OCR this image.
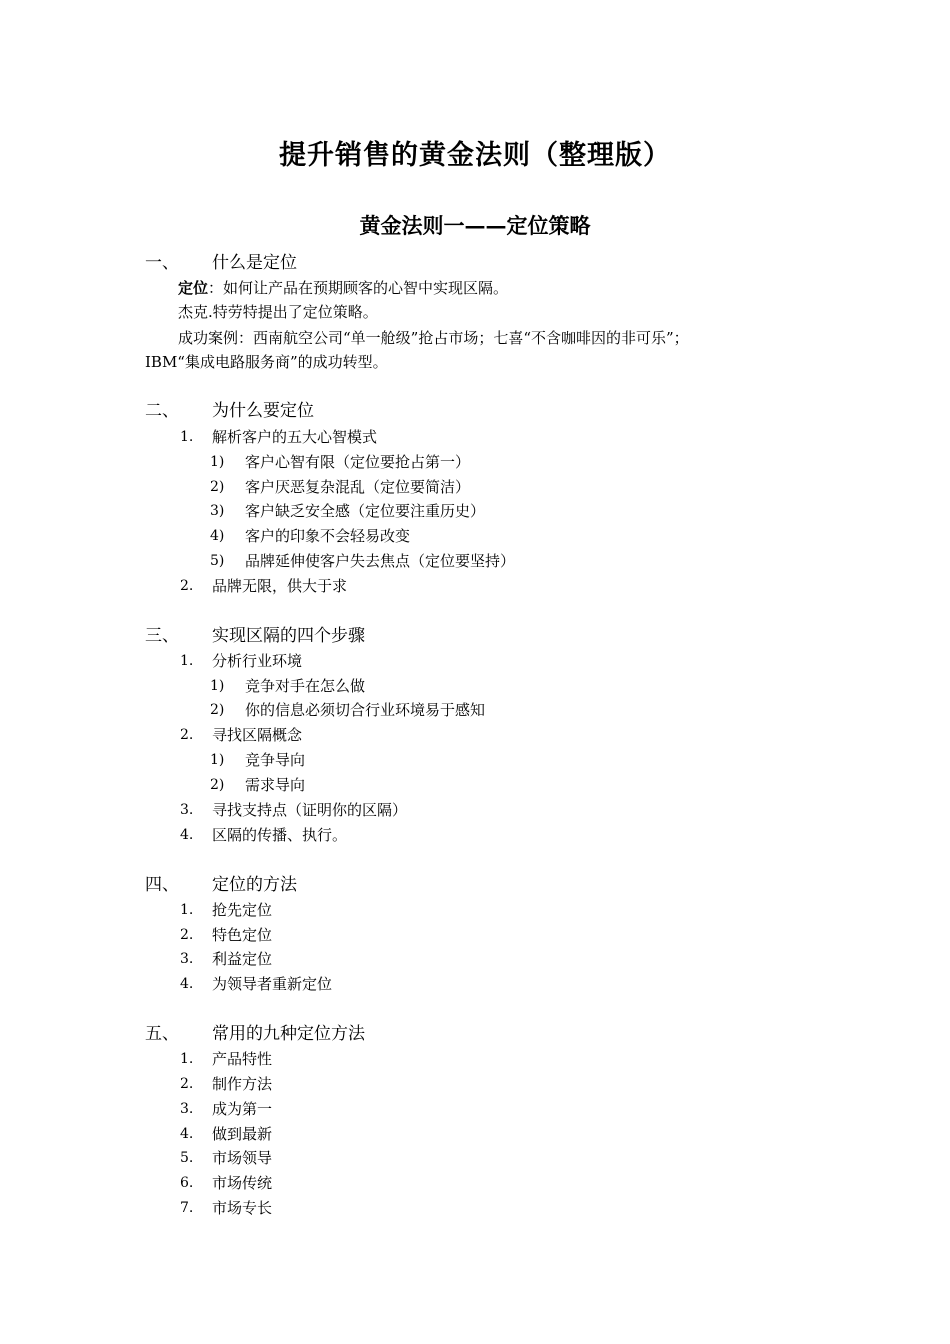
提升销售的黄金法则（整理版）
黄金法则一——定位策略
一、 什么是定位
定位：如何让产品在预期顾客的心智中实现区隔。
杰克.特劳特提出了定位策略。
成功案例：西南航空公司“单一舱级”抢占市场；七喜“不含咖啡因的非可乐”；
IBM“集成电路服务商”的成功转型。
二、 为什么要定位
1. 解析客户的五大心智模式
1) 客户心智有限（定位要抢占第一）
2) 客户厌恶复杂混乱（定位要简洁）
3) 客户缺乏安全感（定位要注重历史）
4) 客户的印象不会轻易改变
5) 品牌延伸使客户失去焦点（定位要坚持）
2. 品牌无限，供大于求
三、 实现区隔的四个步骤
1. 分析行业环境
1) 竞争对手在怎么做
2) 你的信息必须切合行业环境易于感知
2. 寻找区隔概念
1) 竞争导向
2) 需求导向
3. 寻找支持点（证明你的区隔）
4. 区隔的传播、执行。
四、 定位的方法
1. 抢先定位
2. 特色定位
3. 利益定位
4. 为领导者重新定位
五、 常用的九种定位方法
1. 产品特性
2. 制作方法
3. 成为第一
4. 做到最新
5. 市场领导
6. 市场传统
7. 市场专长
